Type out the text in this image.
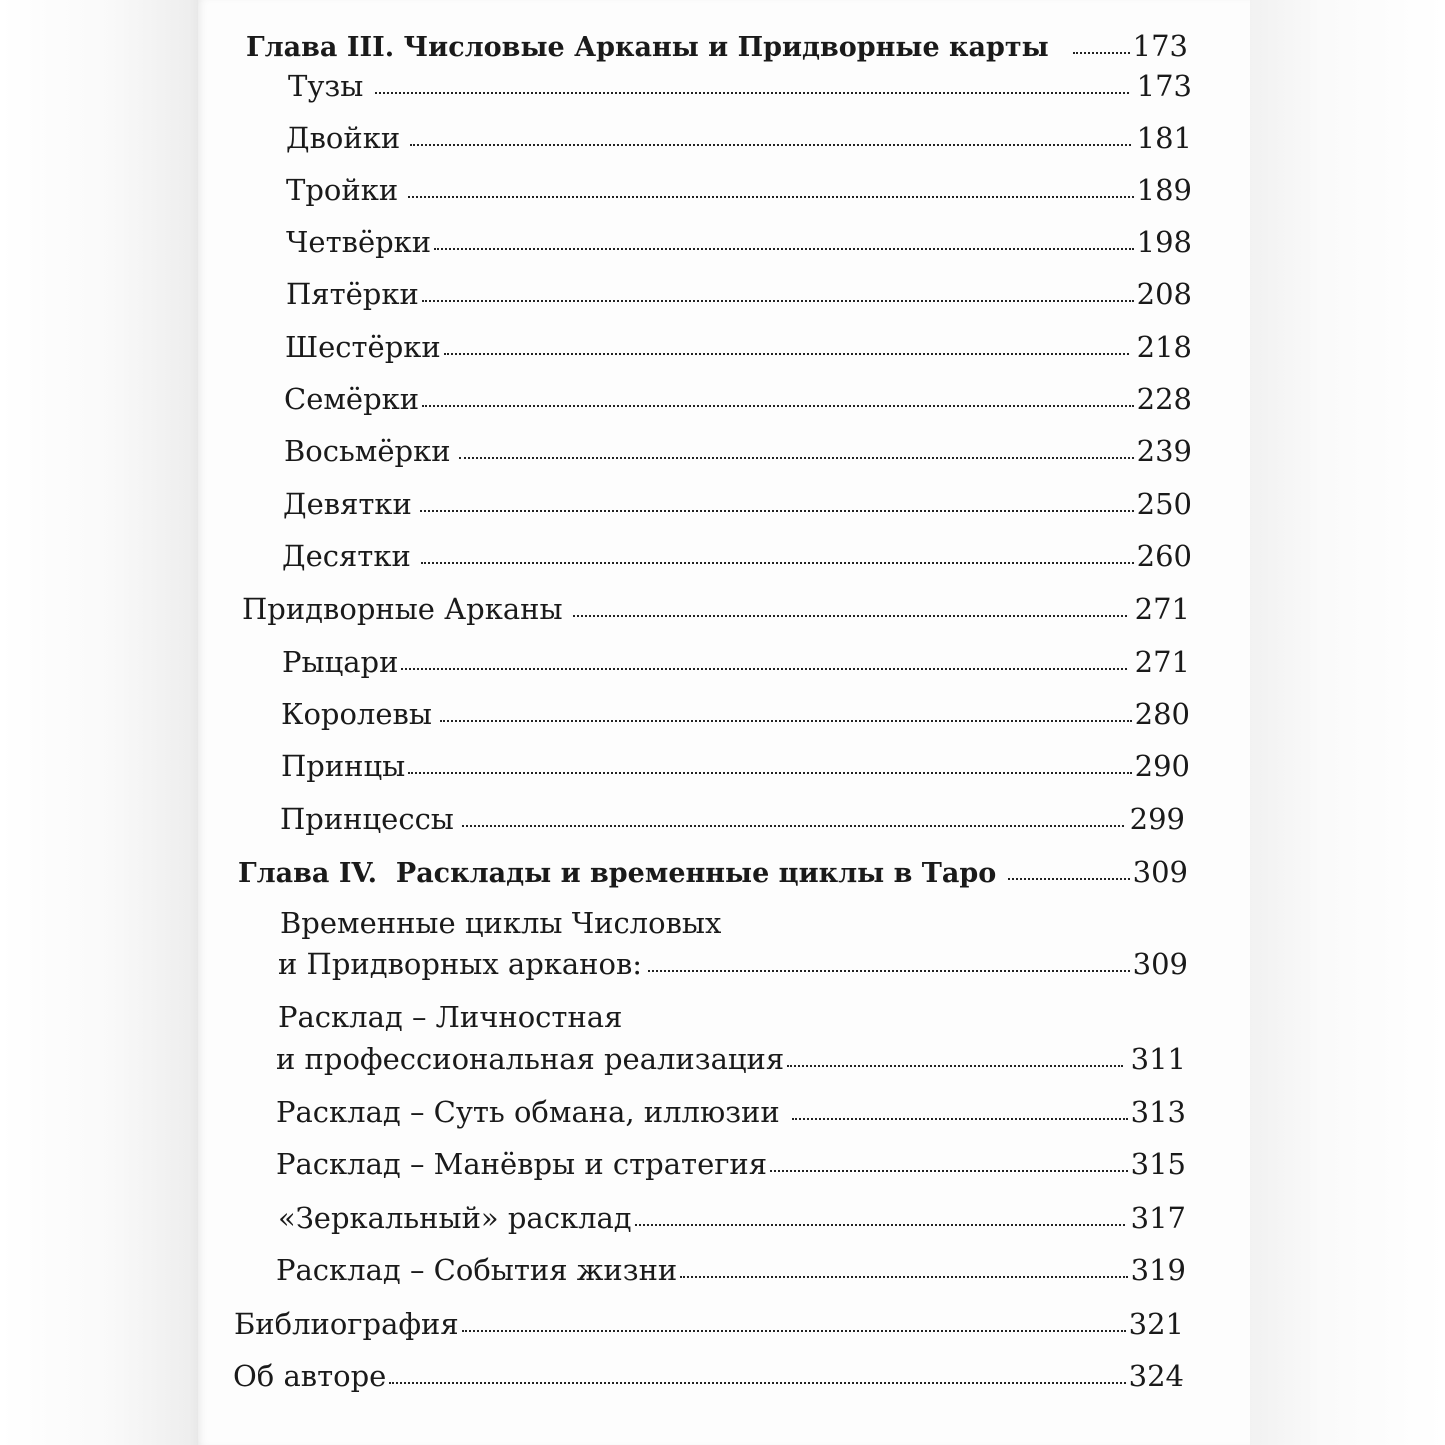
Глава III. Числовые Арканы и Придворные карты	173
Тузы	173
Двойки	181
Тройки	189
Четвёрки	198
Пятёрки	208
Шестёрки	218
Семёрки	228
Восьмёрки	239
Девятки	250
Десятки	260
Придворные Арканы	271
Рыцари	271
Королевы	280
Принцы	290
Принцессы	299
Глава IV.  Расклады и временные циклы в Таро	309
Временные циклы Числовых
и Придворных арканов:	309
Расклад – Личностная
и профессиональная реализация	311
Расклад – Суть обмана, иллюзии	313
Расклад – Манёвры и стратегия	315
«Зеркальный» расклад	317
Расклад – События жизни	319
Библиография	321
Об авторе	324
